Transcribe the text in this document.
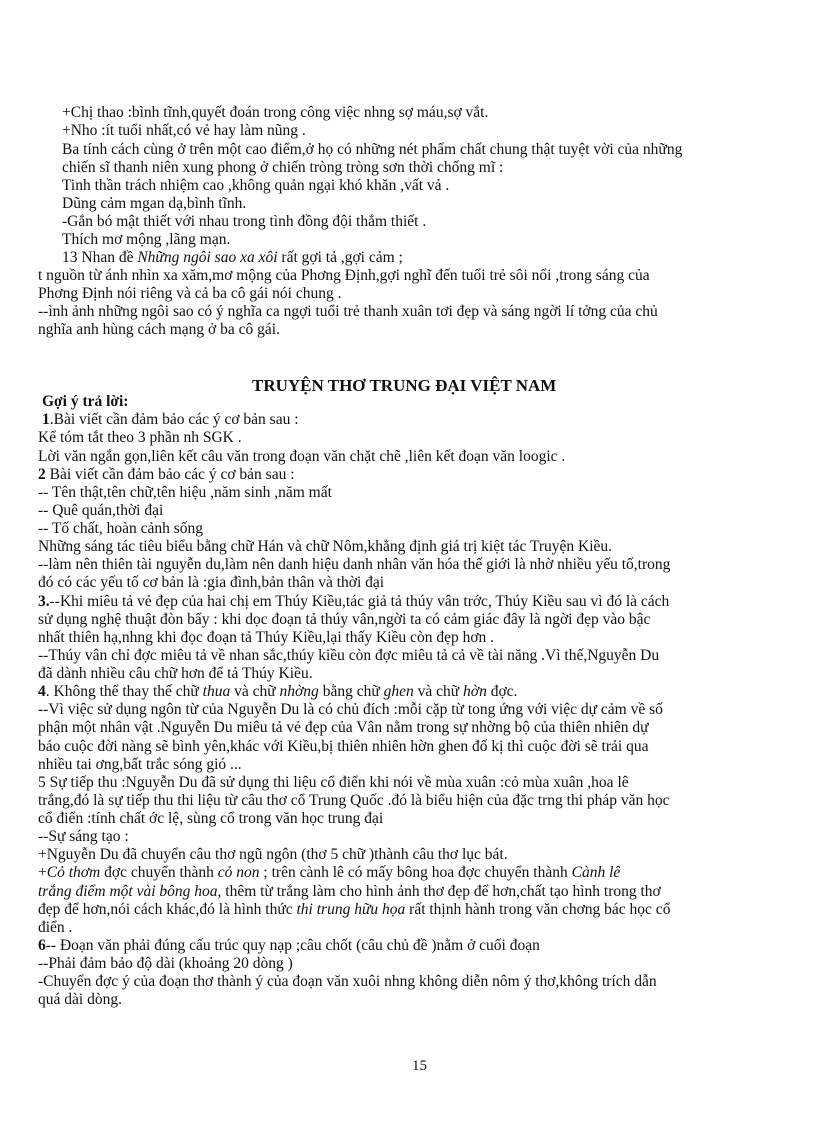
+Chị thao :bình tĩnh,quyết đoán trong công việc nhng sợ máu,sợ vắt.
+Nho :ít tuổi nhất,có vẻ hay làm nũng .
Ba tính cách cùng ở trên một cao điểm,ở họ có những nét phẩm chất chung thật tuyệt vời của những
chiến sĩ thanh niên xung phong ở chiến tròng tròng sơn thời chống mĩ :
Tinh thần trách nhiệm cao ,không quản ngại khó khăn ,vất vả .
Dũng cảm mgan dạ,bình tĩnh.
-Gắn bó mật thiết với nhau trong tình đồng đội thắm thiết .
Thích mơ mộng ,lãng mạn.
13 Nhan đề Những ngôi sao xa xôi rất gợi tả ,gợi cảm ;
t nguồn từ ánh nhìn xa xăm,mơ mộng của Phơng Định,gợi nghĩ đến tuổi trẻ sôi nổi ,trong sáng của
Phơng Định nói riêng và cả ba cô gái nói chung .
--ình ảnh những ngôi sao có ý nghĩa ca ngợi tuổi trẻ thanh xuân tơi đẹp và sáng ngời lí tởng của chủ
nghĩa anh hùng cách mạng ở ba cô gái.
TRUYỆN THƠ TRUNG ĐẠI VIỆT NAM
Gợi ý trả lời:
1.Bài viết cần đảm bảo các ý cơ bản sau :
Kể tóm tắt theo 3 phần nh SGK .
Lời văn ngắn gọn,liên kết câu văn trong đoạn văn chặt chẽ ,liên kết đoạn văn loogic .
2 Bài viết cần đảm bảo các ý cơ bản sau :
-- Tên thật,tên chữ,tên hiệu ,năm sinh ,năm mất
-- Quê quán,thời đại
-- Tố chất, hoàn cảnh sống
Những sáng tác tiêu biểu bằng chữ Hán và chữ Nôm,khẳng định giá trị kiệt tác Truyện Kiều.
--làm nên thiên tài nguyễn du,làm nên danh hiệu danh nhân văn hóa thế giới là nhờ nhiều yếu tố,trong
đó có các yếu tố cơ bản là :gia đình,bản thân và thời đại
3.--Khi miêu tả vẻ đẹp của hai chị em Thúy Kiều,tác giả tả thúy vân trớc, Thúy Kiều sau vì đó là cách
sử dụng nghệ thuật đòn bẩy : khi dọc đoạn tả thúy vân,ngời ta có cảm giác đây là ngời đẹp vào bậc
nhất thiên hạ,nhng khi đọc đoạn tả Thúy Kiều,lại thấy Kiều còn đẹp hơn .
--Thúy vân chỉ đợc miêu tả về nhan sắc,thúy kiều còn đợc miêu tả cả về tài năng .Vì thế,Nguyễn Du
đã dành nhiều câu chữ hơn để tả Thúy Kiều.
4. Không thể thay thế chữ thua và chữ nhờng bằng chữ ghen và chữ hờn đợc.
--Vì việc sử dụng ngôn từ của Nguyễn Du là có chủ đích :mỗi cặp từ tong ứng với việc dự cảm về số
phận một nhân vật .Nguyễn Du miêu tả vẻ đẹp của Vân nằm trong sự nhờng bộ của thiên nhiên dự
báo cuộc đời nàng sẽ bình yên,khác với Kiều,bị thiên nhiên hờn ghen đố kị thì cuộc đời sẽ trải qua
nhiều tai ơng,bất trắc sóng gió ...
5 Sự tiếp thu :Nguyễn Du đã sử dụng thi liệu cổ điển khi nói về mùa xuân :cỏ mùa xuân ,hoa lê
trắng,đó là sự tiếp thu thi liệu từ câu thơ cổ Trung Quốc .đó là biểu hiện của đặc trng thi pháp văn học
cổ điển :tính chất ớc lệ, sùng cổ trong văn học trung đại
--Sự sáng tạo :
+Nguyễn Du đã chuyển câu thơ ngũ ngôn (thơ 5 chữ )thành câu thơ lục bát.
+Cỏ thơm đợc chuyển thành cỏ non ; trên cành lê có mấy bông hoa đợc chuyển thành Cành lê
trắng điểm một vài bông hoa, thêm từ trắng làm cho hình ảnh thơ đẹp để hơn,chất tạo hình trong thơ
đẹp để hơn,nói cách khác,đó là hình thức thi trung hữu họa rất thịnh hành trong văn chơng bác học cổ
điển .
6-- Đoạn văn phải đúng cấu trúc quy nạp ;câu chốt (câu chủ đề )nằm ở cuối đoạn
--Phải đảm bảo độ dài (khoảng 20 dòng )
-Chuyển đợc ý của đoạn thơ thành ý của đoạn văn xuôi nhng không diễn nôm ý thơ,không trích dẫn
quá dài dòng.
15
